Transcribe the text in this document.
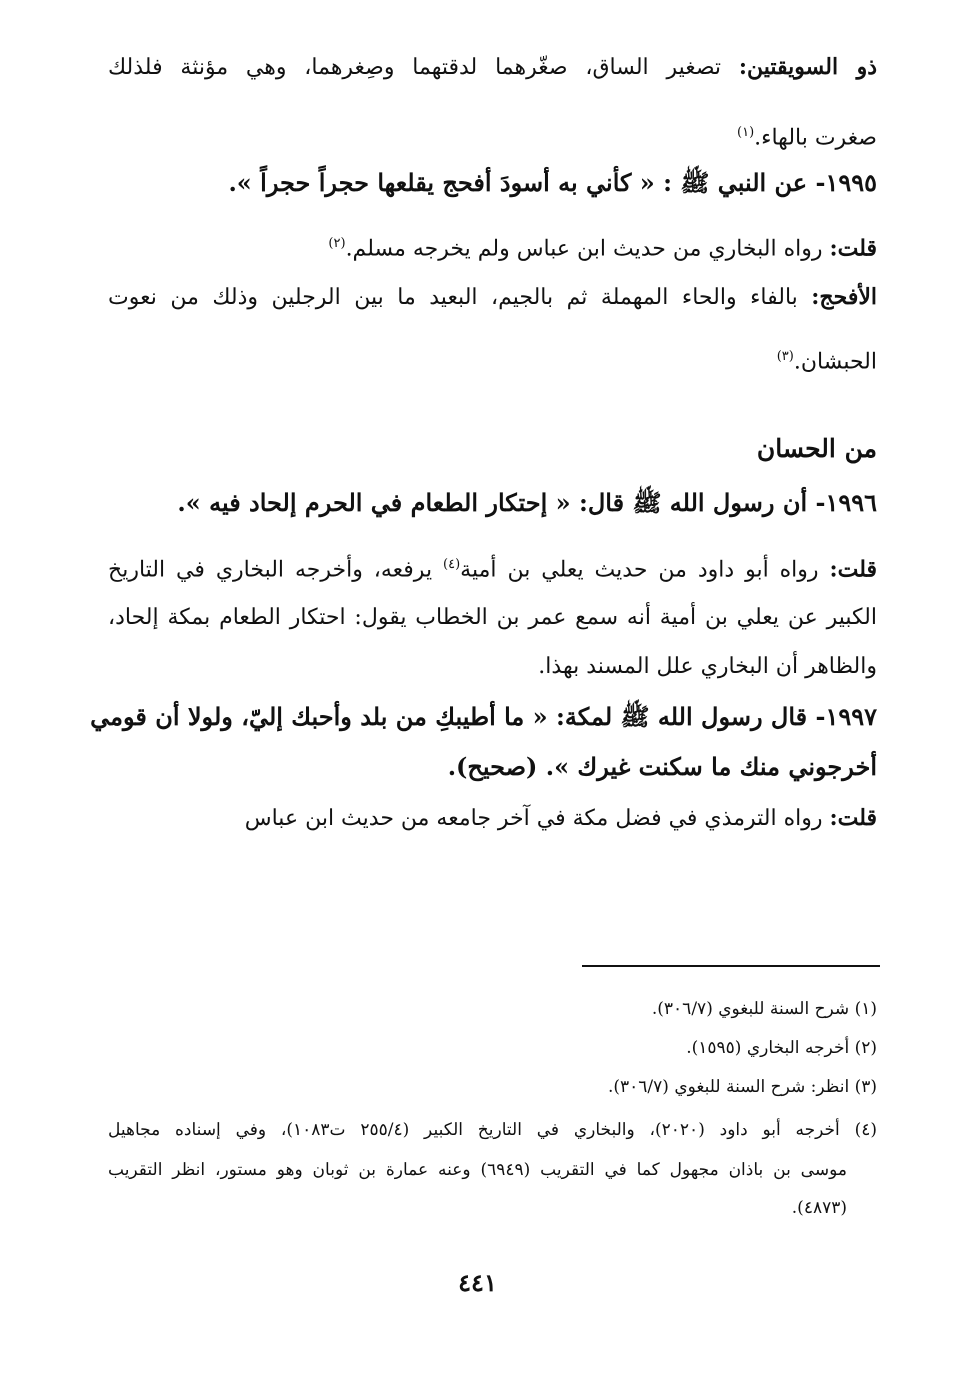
ذو السويقتين: تصغير الساق، صغّرهما لدقتهما وصِغرهما، وهي مؤنثة فلذلك
صغرت بالهاء.$^{(١)}$
١٩٩٥- عن النبي ﷺ : « كأني به أسودَ أفحج يقلعها حجراً حجراً ».
قلت: رواه البخاري من حديث ابن عباس ولم يخرجه مسلم.$^{(٢)}$
الأفحج: بالفاء والحاء المهملة ثم بالجيم، البعيد ما بين الرجلين وذلك من نعوت
الحبشان.$^{(٣)}$
من الحسان
١٩٩٦- أن رسول الله ﷺ قال: « إحتكار الطعام في الحرم إلحاد فيه ».
قلت: رواه أبو داود من حديث يعلي بن أمية$^{(٤)}$ يرفعه، وأخرجه البخاري في التاريخ
الكبير عن يعلي بن أمية أنه سمع عمر بن الخطاب يقول: احتكار الطعام بمكة إلحاد،
والظاهر أن البخاري علل المسند بهذا.
١٩٩٧- قال رسول الله ﷺ لمكة: « ما أطيبكِ من بلد وأحبك إليّ، ولولا أن قومي
أخرجوني منك ما سكنت غيرك ». (صحيح).
قلت: رواه الترمذي في فضل مكة في آخر جامعه من حديث ابن عباس
(١) شرح السنة للبغوي (٣٠٦/٧).
(٢) أخرجه البخاري (١٥٩٥).
(٣) انظر: شرح السنة للبغوي (٣٠٦/٧).
(٤) أخرجه أبو داود (٢٠٢٠)، والبخاري في التاريخ الكبير (٢٥٥/٤ ت١٠٨٣)، وفي إسناده مجاهيل
موسى بن باذان مجهول كما في التقريب (٦٩٤٩) وعنه عمارة بن ثوبان وهو مستور، انظر التقريب
(٤٨٧٣).
٤٤١
